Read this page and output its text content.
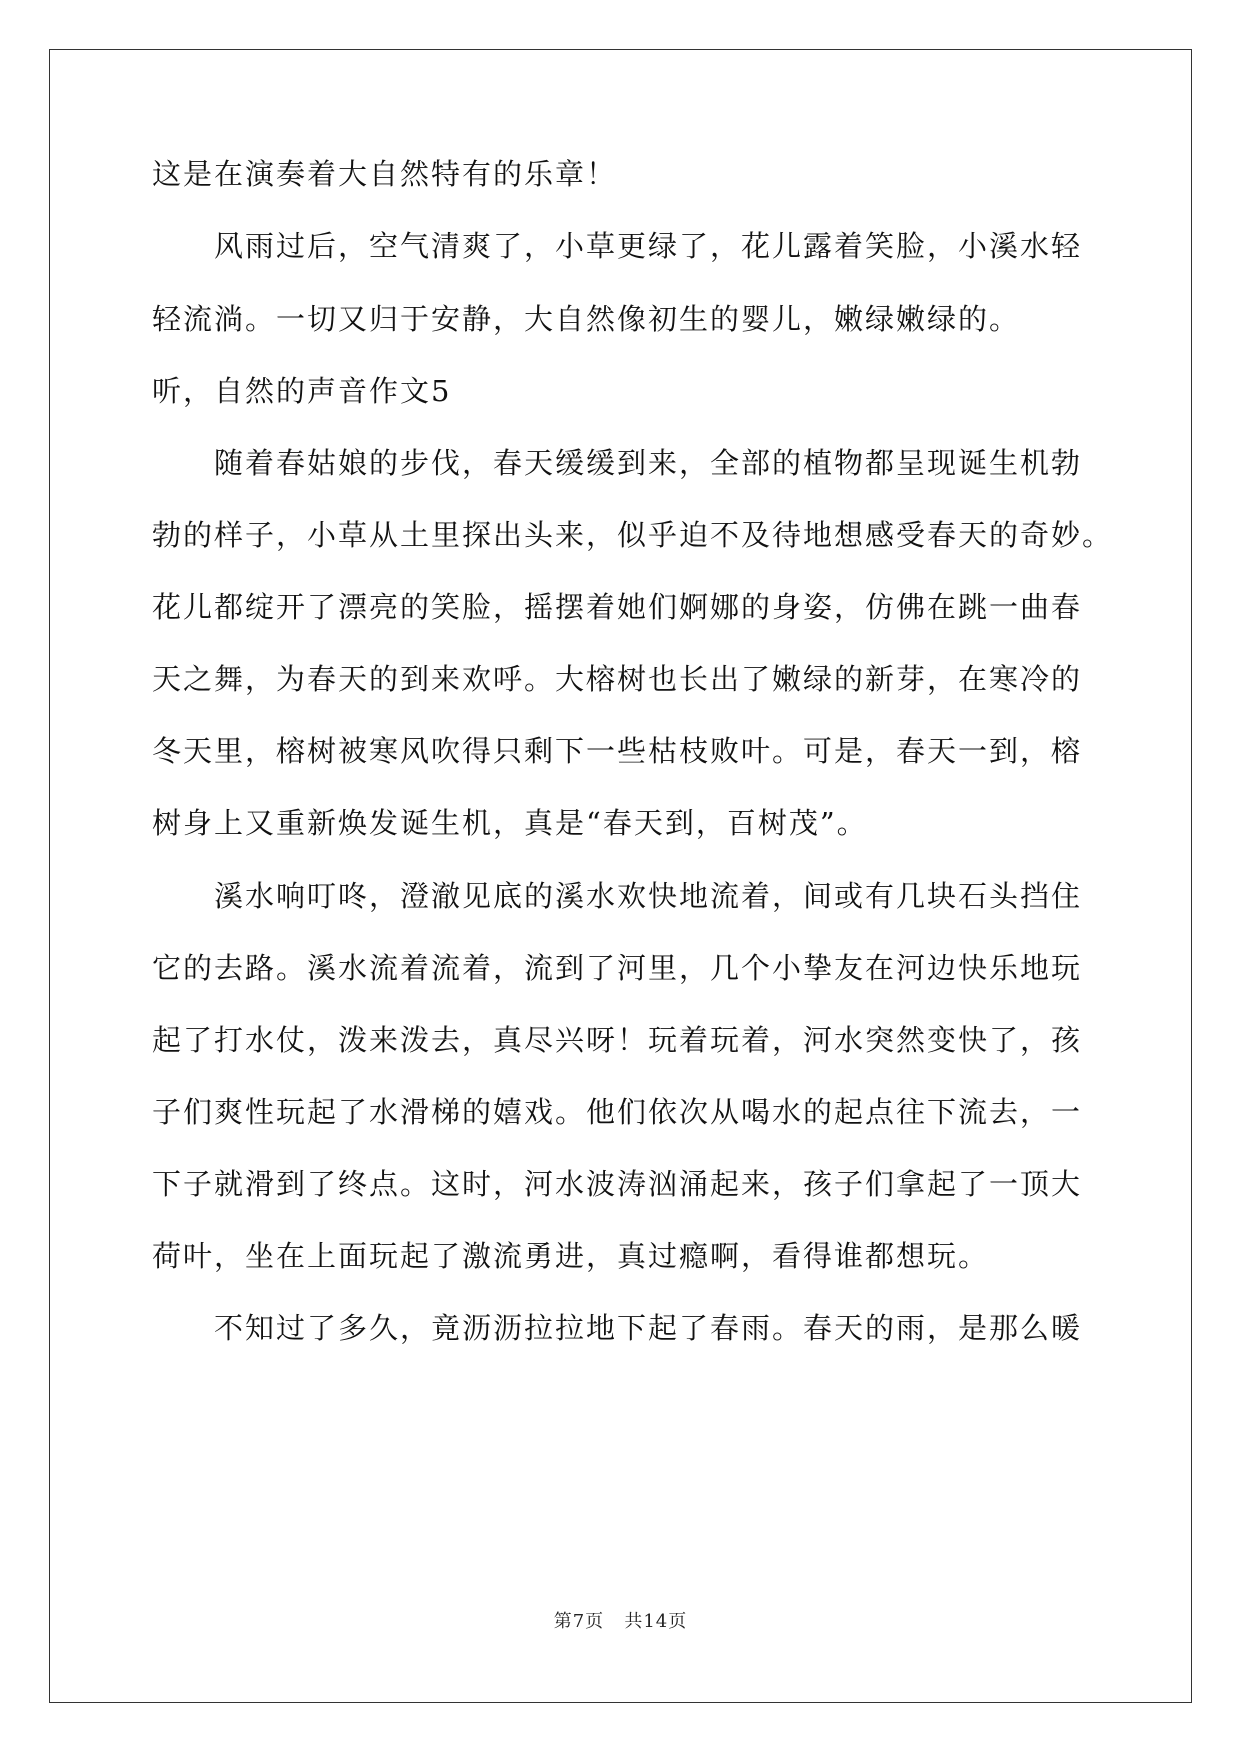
这是在演奏着大自然特有的乐章！
风雨过后，空气清爽了，小草更绿了，花儿露着笑脸，小溪水轻
轻流淌。一切又归于安静，大自然像初生的婴儿，嫩绿嫩绿的。
听，自然的声音作文5
随着春姑娘的步伐，春天缓缓到来，全部的植物都呈现诞生机勃
勃的样子，小草从土里探出头来，似乎迫不及待地想感受春天的奇妙。
花儿都绽开了漂亮的笑脸，摇摆着她们婀娜的身姿，仿佛在跳一曲春
天之舞，为春天的到来欢呼。大榕树也长出了嫩绿的新芽，在寒冷的
冬天里，榕树被寒风吹得只剩下一些枯枝败叶。可是，春天一到，榕
树身上又重新焕发诞生机，真是“春天到，百树茂”。
溪水响叮咚，澄澈见底的溪水欢快地流着，间或有几块石头挡住
它的去路。溪水流着流着，流到了河里，几个小挚友在河边快乐地玩
起了打水仗，泼来泼去，真尽兴呀！玩着玩着，河水突然变快了，孩
子们爽性玩起了水滑梯的嬉戏。他们依次从喝水的起点往下流去，一
下子就滑到了终点。这时，河水波涛汹涌起来，孩子们拿起了一顶大
荷叶，坐在上面玩起了激流勇进，真过瘾啊，看得谁都想玩。
不知过了多久，竟沥沥拉拉地下起了春雨。春天的雨，是那么暖
第7页 共14页
